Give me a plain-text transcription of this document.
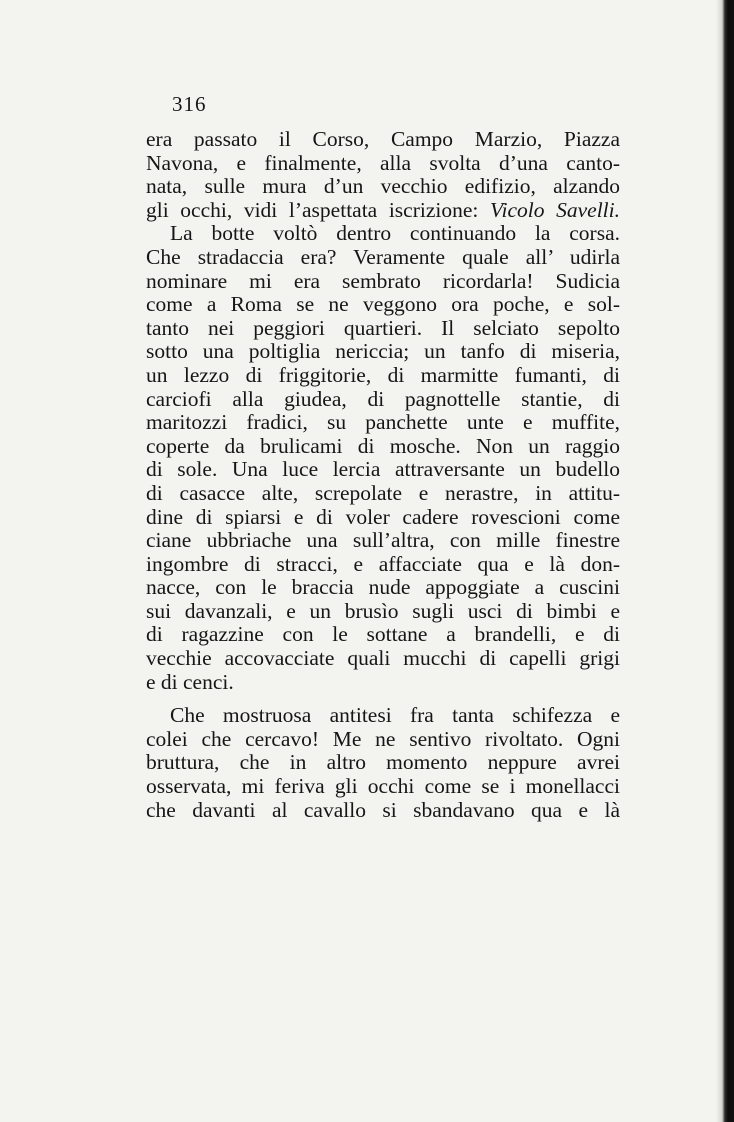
316
era passato il Corso, Campo Marzio, Piazza
Navona, e finalmente, alla svolta d’una canto-
nata, sulle mura d’un vecchio edifizio, alzando
gli occhi, vidi l’aspettata iscrizione: Vicolo Savelli.
La botte voltò dentro continuando la corsa.
Che stradaccia era? Veramente quale all’ udirla
nominare mi era sembrato ricordarla! Sudicia
come a Roma se ne veggono ora poche, e sol-
tanto nei peggiori quartieri. Il selciato sepolto
sotto una poltiglia nericcia; un tanfo di miseria,
un lezzo di friggitorie, di marmitte fumanti, di
carciofi alla giudea, di pagnottelle stantie, di
maritozzi fradici, su panchette unte e muffite,
coperte da brulicami di mosche. Non un raggio
di sole. Una luce lercia attraversante un budello
di casacce alte, screpolate e nerastre, in attitu-
dine di spiarsi e di voler cadere rovescioni come
ciane ubbriache una sull’altra, con mille finestre
ingombre di stracci, e affacciate qua e là don-
nacce, con le braccia nude appoggiate a cuscini
sui davanzali, e un brusìo sugli usci di bimbi e
di ragazzine con le sottane a brandelli, e di
vecchie accovacciate quali mucchi di capelli grigi
e di cenci.
Che mostruosa antitesi fra tanta schifezza e
colei che cercavo! Me ne sentivo rivoltato. Ogni
bruttura, che in altro momento neppure avrei
osservata, mi feriva gli occhi come se i monellacci
che davanti al cavallo si sbandavano qua e là
